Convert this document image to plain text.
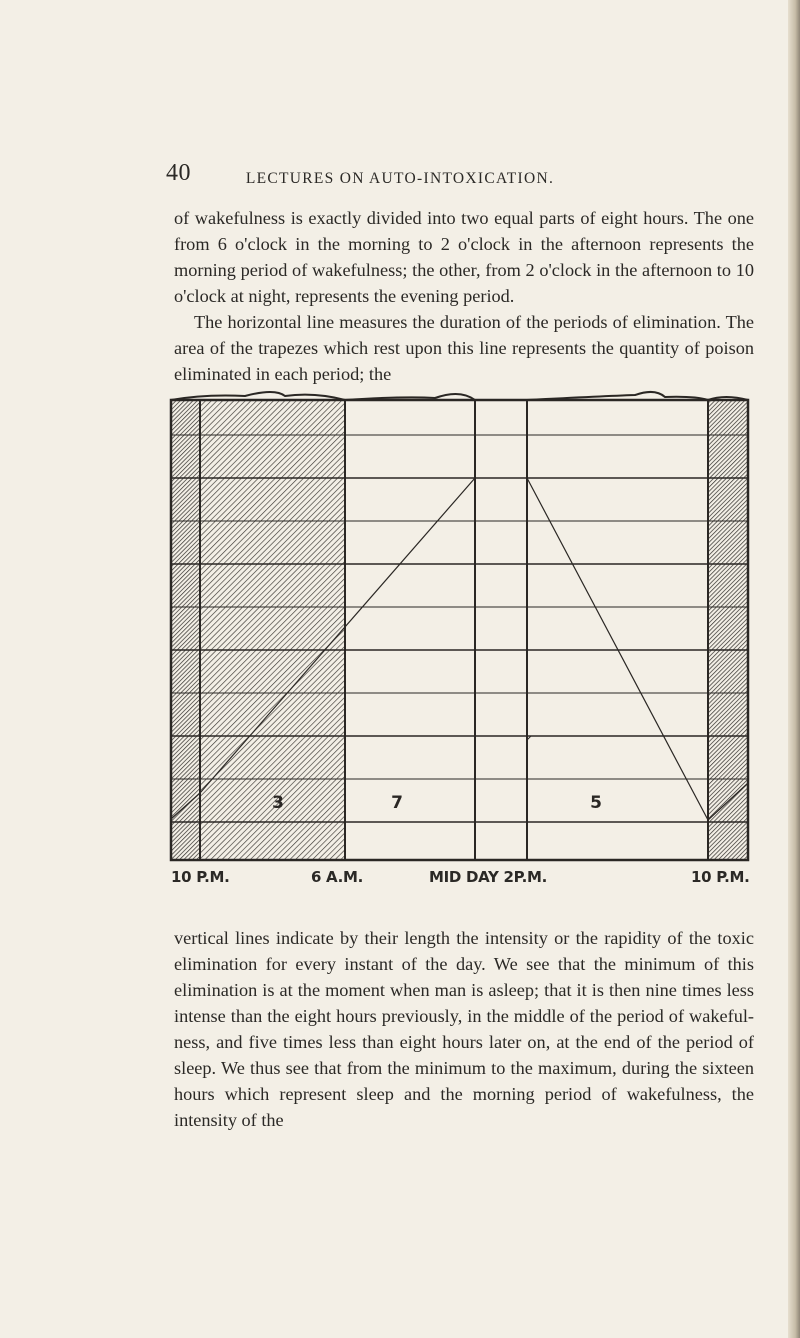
40	LECTURES ON AUTO-INTOXICATION.

of wakefulness is exactly divided into two equal parts of eight hours. The one from 6 o'clock in the morning to 2 o'clock in the afternoon represents the morning period of wakefulness; the other, from 2 o'clock in the afternoon to 10 o'clock at night, represents the evening period.

The horizontal line measures the duration of the periods of elimination. The area of the trapezes which rest upon this line represents the quantity of poison eliminated in each period; the

3	7	5
10 P.M.	6 A.M.	MID DAY 2P.M.	10 P.M.

vertical lines indicate by their length the intensity or the rapidity of the toxic elimination for every instant of the day. We see that the minimum of this elimination is at the moment when man is asleep; that it is then nine times less intense than the eight hours previously, in the middle of the period of wakeful-ness, and five times less than eight hours later on, at the end of the period of sleep. We thus see that from the minimum to the maximum, during the sixteen hours which represent sleep and the morning period of wakefulness, the intensity of the
